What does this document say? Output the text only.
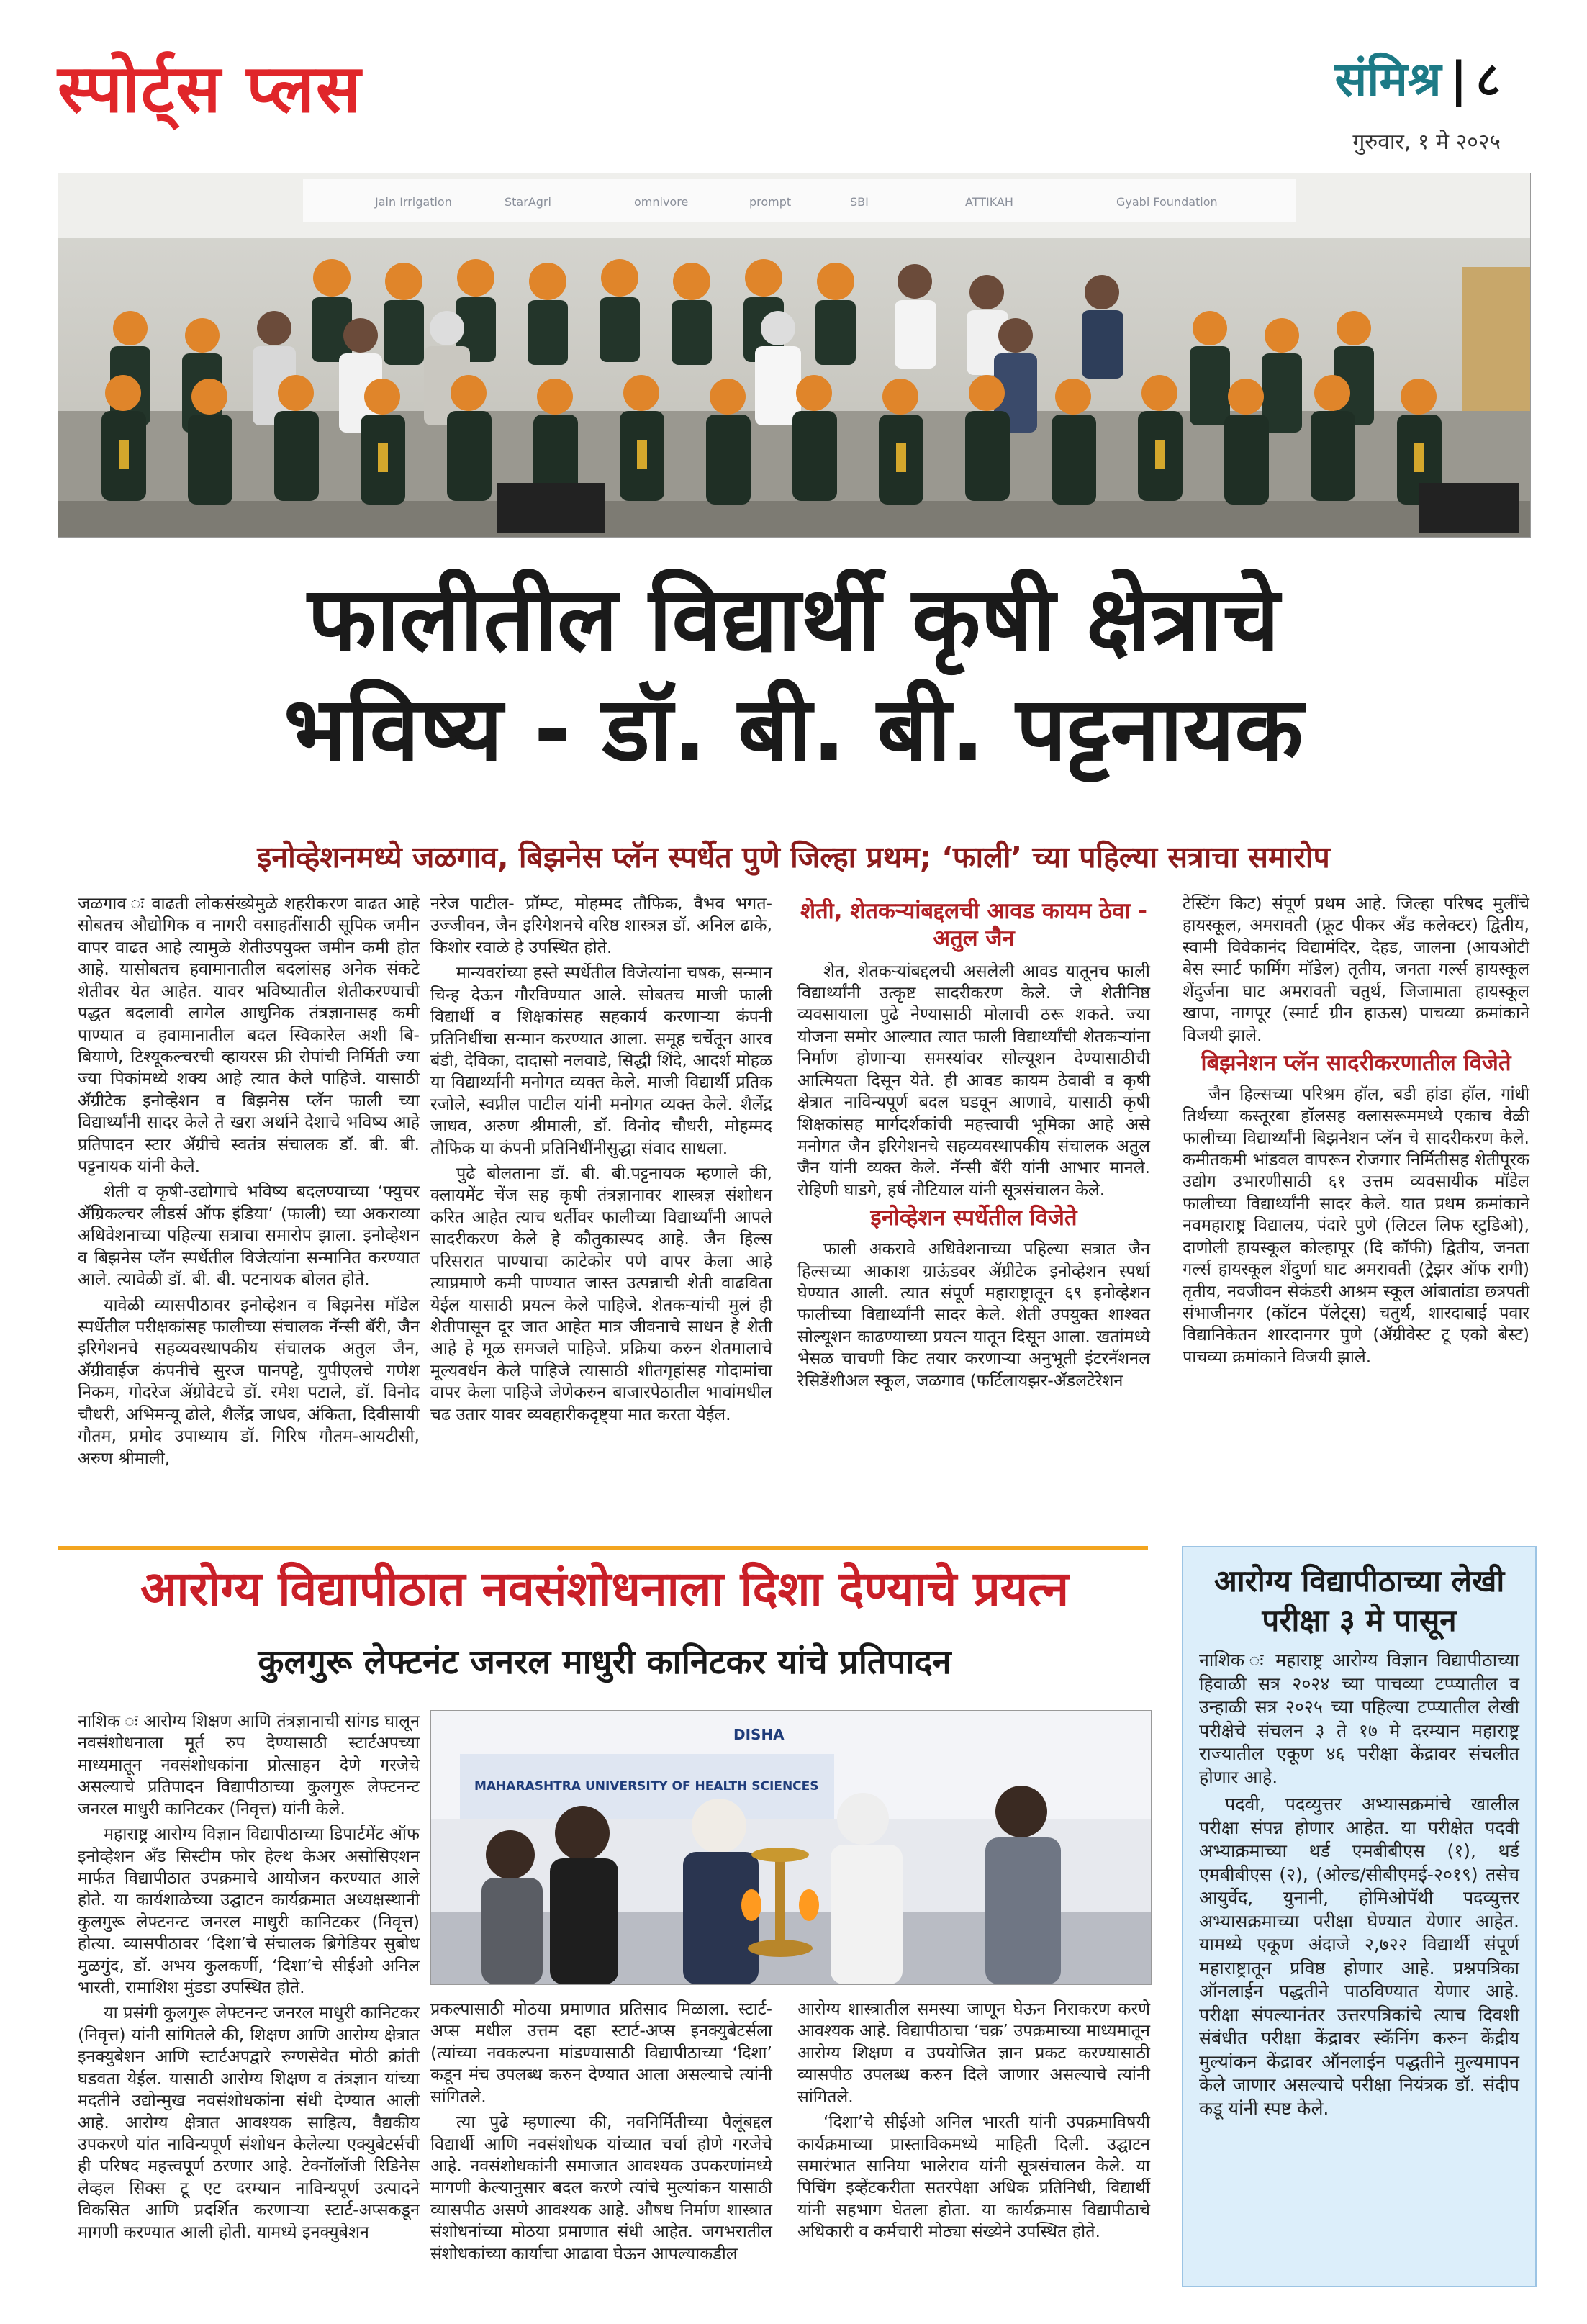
स्पोर्ट्स प्लस	संमिश्र | ८
गुरुवार, १ मे २०२५
Jain Irrigation	StarAgri	omnivore	prompt	SBI	ATTIKAH	Gyabi Foundation
फालीतील विद्यार्थी कृषी क्षेत्राचे
भविष्य - डॉ. बी. बी. पट्टनायक
इनोव्हेशनमध्ये जळगाव, बिझनेस प्लॅन स्पर्धेत पुणे जिल्हा प्रथम; ‘फाली’ च्या पहिल्या सत्राचा समारोप

जळगाव ः वाढती लोकसंख्येमुळे शहरीकरण वाढत आहे सोबतच औद्योगिक व नागरी वसाहतींसाठी सूपिक जमीन वापर वाढत आहे त्यामुळे शेतीउपयुक्त जमीन कमी होत आहे. यासोबतच हवामानातील बदलांसह अनेक संकटे शेतीवर येत आहेत. यावर भविष्यातील शेतीकरण्याची पद्धत बदलावी लागेल आधुनिक तंत्रज्ञानासह कमी पाण्यात व हवामानातील बदल स्विकारेल अशी बि-बियाणे, टिश्यूकल्चरची व्हायरस फ्री रोपांची निर्मिती ज्या ज्या पिकांमध्ये शक्य आहे त्यात केले पाहिजे. यासाठी ॲग्रीटेक इनोव्हेशन व बिझनेस प्लॅन फाली च्या विद्यार्थ्यांनी सादर केले ते खरा अर्थाने देशाचे भविष्य आहे प्रतिपादन स्टार ॲग्रीचे स्वतंत्र संचालक डॉ. बी. बी. पट्टनायक यांनी केले.

शेती व कृषी-उद्योगाचे भविष्य बदलण्याच्या ‘फ्युचर ॲग्रिकल्चर लीडर्स ऑफ इंडिया’ (फाली) च्या अकराव्या अधिवेशनाच्या पहिल्या सत्राचा समारोप झाला. इनोव्हेशन व बिझनेस प्लॅन स्पर्धेतील विजेत्यांना सन्मानित करण्यात आले. त्यावेळी डॉ. बी. बी. पटनायक बोलत होते.

यावेळी व्यासपीठावर इनोव्हेशन व बिझनेस मॉडेल स्पर्धेतील परीक्षकांसह फालीच्या संचालक नॅन्सी बॅरी, जैन इरिगेशनचे सहव्यवस्थापकीय संचालक अतुल जैन, ॲग्रीवाईज कंपनीचे सुरज पानपट्टे, युपीएलचे गणेश निकम, गोदरेज ॲग्रोवेटचे डॉ. रमेश पटाले, डॉ. विनोद चौधरी, अभिमन्यू ढोले, शैलेंद्र जाधव, अंकिता, दिवीसायी गौतम, प्रमोद उपाध्याय डॉ. गिरिष गौतम-आयटीसी, अरुण श्रीमाली,

नरेज पाटील- प्रॉम्प्ट, मोहम्मद तौफिक, वैभव भगत- उज्जीवन, जैन इरिगेशनचे वरिष्ठ शास्त्रज्ञ डॉ. अनिल ढाके, किशोर रवाळे हे उपस्थित होते.

मान्यवरांच्या हस्ते स्पर्धेतील विजेत्यांना चषक, सन्मान चिन्ह देऊन गौरविण्यात आले. सोबतच माजी फाली विद्यार्थी व शिक्षकांसह सहकार्य करणाऱ्या कंपनी प्रतिनिधींचा सन्मान करण्यात आला. समूह चर्चेतून आरव बंडी, देविका, दादासो नलवाडे, सिद्धी शिंदे, आदर्श मोहळ या विद्यार्थ्यांनी मनोगत व्यक्त केले. माजी विद्यार्थी प्रतिक रजोले, स्वप्नील पाटील यांनी मनोगत व्यक्त केले. शैलेंद्र जाधव, अरुण श्रीमाली, डॉ. विनोद चौधरी, मोहम्मद तौफिक या कंपनी प्रतिनिधींनीसुद्धा संवाद साधला.

पुढे बोलताना डॉ. बी. बी.पट्टनायक म्हणाले की, क्लायमेंट चेंज सह कृषी तंत्रज्ञानावर शास्त्रज्ञ संशोधन करित आहेत त्याच धर्तीवर फालीच्या विद्यार्थ्यांनी आपले सादरीकरण केले हे कौतुकास्पद आहे. जैन हिल्स परिसरात पाण्याचा काटेकोर पणे वापर केला आहे त्याप्रमाणे कमी पाण्यात जास्त उत्पन्नाची शेती वाढविता येईल यासाठी प्रयत्न केले पाहिजे. शेतकऱ्यांची मुलं ही शेतीपासून दूर जात आहेत मात्र जीवनाचे साधन हे शेती आहे हे मूळ समजले पाहिजे. प्रक्रिया करुन शेतमालाचे मूल्यवर्धन केले पाहिजे त्यासाठी शीतगृहांसह गोदामांचा वापर केला पाहिजे जेणेकरुन बाजारपेठातील भावांमधील चढ उतार यावर व्यवहारीकदृष्ट्या मात करता येईल.

शेती, शेतकऱ्यांबद्दलची आवड कायम ठेवा - अतुल जैन

शेत, शेतकऱ्यांबद्दलची असलेली आवड यातूनच फाली विद्यार्थ्यांनी उत्कृष्ट सादरीकरण केले. जे शेतीनिष्ठ व्यवसायाला पुढे नेण्यासाठी मोलाची ठरू शकते. ज्या योजना समोर आल्यात त्यात फाली विद्यार्थ्यांची शेतकऱ्यांना निर्माण होणाऱ्या समस्यांवर सोल्यूशन देण्यासाठीची आत्मियता दिसून येते. ही आवड कायम ठेवावी व कृषी क्षेत्रात नाविन्यपूर्ण बदल घडवून आणावे, यासाठी कृषी शिक्षकांसह मार्गदर्शकांची महत्त्वाची भूमिका आहे असे मनोगत जैन इरिगेशनचे सहव्यवस्थापकीय संचालक अतुल जैन यांनी व्यक्त केले. नॅन्सी बॅरी यांनी आभार मानले. रोहिणी घाडगे, हर्ष नौटियाल यांनी सूत्रसंचालन केले.

इनोव्हेशन स्पर्धेतील विजेते

फाली अकरावे अधिवेशनाच्या पहिल्या सत्रात जैन हिल्सच्या आकाश ग्राऊंडवर ॲग्रीटेक इनोव्हेशन स्पर्धा घेण्यात आली. त्यात संपूर्ण महाराष्ट्रातून ६९ इनोव्हेशन फालीच्या विद्यार्थ्यांनी सादर केले. शेती उपयुक्त शाश्वत सोल्यूशन काढण्याच्या प्रयत्न यातून दिसून आला. खतांमध्ये भेसळ चाचणी किट तयार करणाऱ्या अनुभूती इंटरनॅशनल रेसिडेंशीअल स्कूल, जळगाव (फर्टिलायझर-ॲडलटेरेशन

टेस्टिंग किट) संपूर्ण प्रथम आहे. जिल्हा परिषद मुलींचे हायस्कूल, अमरावती (फ्रूट पीकर अँड कलेक्टर) द्वितीय, स्वामी विवेकानंद विद्यामंदिर, देहड, जालना (आयओटी बेस स्मार्ट फार्मिंग मॉडेल) तृतीय, जनता गर्ल्स हायस्कूल शेंदुर्जना घाट अमरावती चतुर्थ, जिजामाता हायस्कूल खापा, नागपूर (स्मार्ट ग्रीन हाऊस) पाचव्या क्रमांकाने विजयी झाले.

बिझनेशन प्लॅन सादरीकरणातील विजेते

जैन हिल्सच्या परिश्रम हॉल, बडी हांडा हॉल, गांधी तिर्थच्या कस्तूरबा हॉलसह क्लासरूममध्ये एकाच वेळी फालीच्या विद्यार्थ्यांनी बिझनेशन प्लॅन चे सादरीकरण केले. कमीतकमी भांडवल वापरून रोजगार निर्मितीसह शेतीपूरक उद्योग उभारणीसाठी ६१ उत्तम व्यवसायीक मॉडेल फालीच्या विद्यार्थ्यांनी सादर केले. यात प्रथम क्रमांकाने नवमहाराष्ट्र विद्यालय, पंदारे पुणे (लिटल लिफ स्टुडिओ), दाणोली हायस्कूल कोल्हापूर (दि कॉफी) द्वितीय, जनता गर्ल्स हायस्कूल शेंदुर्णा घाट अमरावती (ट्रेझर ऑफ रागी) तृतीय, नवजीवन सेकंडरी आश्रम स्कूल आंबातांडा छत्रपती संभाजीनगर (कॉटन पॅलेट्स) चतुर्थ, शारदाबाई पवार विद्यानिकेतन शारदानगर पुणे (ॲग्रीवेस्ट टू एको बेस्ट) पाचव्या क्रमांकाने विजयी झाले.

आरोग्य विद्यापीठात नवसंशोधनाला दिशा देण्याचे प्रयत्न
कुलगुरू लेफ्टनंट जनरल माधुरी कानिटकर यांचे प्रतिपादन

नाशिक ः आरोग्य शिक्षण आणि तंत्रज्ञानाची सांगड घालून नवसंशोधनाला मूर्त रुप देण्यासाठी स्टार्टअपच्या माध्यमातून नवसंशोधकांना प्रोत्साहन देणे गरजेचे असल्याचे प्रतिपादन विद्यापीठाच्या कुलगुरू लेफ्टनन्ट जनरल माधुरी कानिटकर (निवृत्त) यांनी केले.

महाराष्ट्र आरोग्य विज्ञान विद्यापीठाच्या डिपार्टमेंट ऑफ इनोव्हेशन अँड सिस्टीम फोर हेल्थ केअर असोसिएशन मार्फत विद्यापीठात उपक्रमाचे आयोजन करण्यात आले होते. या कार्यशाळेच्या उद्घाटन कार्यक्रमात अध्यक्षस्थानी कुलगुरू लेफ्टनन्ट जनरल माधुरी कानिटकर (निवृत्त) होत्या. व्यासपीठावर ‘दिशा’चे संचालक ब्रिगेडियर सुबोध मुळगुंद, डॉ. अभय कुलकर्णी, ‘दिशा’चे सीईओ अनिल भारती, रामाशिश मुंडडा उपस्थित होते.

या प्रसंगी कुलगुरू लेफ्टनन्ट जनरल माधुरी कानिटकर (निवृत्त) यांनी सांगितले की, शिक्षण आणि आरोग्य क्षेत्रात इनक्युबेशन आणि स्टार्टअपद्वारे रुग्णसेवेत मोठी क्रांती घडवता येईल. यासाठी आरोग्य शिक्षण व तंत्रज्ञान यांच्या मदतीने उद्योन्मुख नवसंशोधकांना संधी देण्यात आली आहे. आरोग्य क्षेत्रात आवश्यक साहित्य, वैद्यकीय उपकरणे यांत नाविन्यपूर्ण संशोधन केलेल्या एक्युबेटर्सची ही परिषद महत्त्वपूर्ण ठरणार आहे. टेक्नॉलॉजी रिडिनेस लेव्हल सिक्स टू एट दरम्यान नाविन्यपूर्ण उत्पादने विकसित आणि प्रदर्शित करणाऱ्या स्टार्ट-अप्सकडून मागणी करण्यात आली होती. यामध्ये इनक्युबेशन

MAHARASHTRA UNIVERSITY OF HEALTH SCIENCES
DISHA

प्रकल्पासाठी मोठया प्रमाणात प्रतिसाद मिळाला. स्टार्ट-अप्स मधील उत्तम दहा स्टार्ट-अप्स इनक्युबेटर्सला (त्यांच्या नवकल्पना मांडण्यासाठी विद्यापीठाच्या ‘दिशा’ कडून मंच उपलब्ध करुन देण्यात आला असल्याचे त्यांनी सांगितले.

त्या पुढे म्हणाल्या की, नवनिर्मितीच्या पैलूंबद्दल विद्यार्थी आणि नवसंशोधक यांच्यात चर्चा होणे गरजेचे आहे. नवसंशोधकांनी समाजात आवश्यक उपकरणांमध्ये मागणी केल्यानुसार बदल करणे त्यांचे मुल्यांकन यासाठी व्यासपीठ असणे आवश्यक आहे. औषध निर्माण शास्त्रात संशोधनांच्या मोठया प्रमाणात संधी आहेत. जगभरातील संशोधकांच्या कार्याचा आढावा घेऊन आपल्याकडील

आरोग्य शास्त्रातील समस्या जाणून घेऊन निराकरण करणे आवश्यक आहे. विद्यापीठाचा ‘चक्र’ उपक्रमाच्या माध्यमातून आरोग्य शिक्षण व उपयोजित ज्ञान प्रकट करण्यासाठी व्यासपीठ उपलब्ध करुन दिले जाणार असल्याचे त्यांनी सांगितले.

‘दिशा’चे सीईओ अनिल भारती यांनी उपक्रमाविषयी कार्यक्रमाच्या प्रास्ताविकमध्ये माहिती दिली. उद्घाटन समारंभात सानिया भालेराव यांनी सूत्रसंचालन केले. या पिचिंग इव्हेंटकरीता सतरपेक्षा अधिक प्रतिनिधी, विद्यार्थी यांनी सहभाग घेतला होता. या कार्यक्रमास विद्यापीठाचे अधिकारी व कर्मचारी मोठ्या संख्येने उपस्थित होते.

आरोग्य विद्यापीठाच्या लेखी परीक्षा ३ मे पासून

नाशिक ः महाराष्ट्र आरोग्य विज्ञान विद्यापीठाच्या हिवाळी सत्र २०२४ च्या पाचव्या टप्प्यातील व उन्हाळी सत्र २०२५ च्या पहिल्या टप्प्यातील लेखी परीक्षेचे संचलन ३ ते १७ मे दरम्यान महाराष्ट्र राज्यातील एकूण ४६ परीक्षा केंद्रावर संचलीत होणार आहे.

पदवी, पदव्युत्तर अभ्यासक्रमांचे खालील परीक्षा संपन्न होणार आहेत. या परीक्षेत पदवी अभ्याक्रमाच्या थर्ड एमबीबीएस (१), थर्ड एमबीबीएस (२), (ओल्ड/सीबीएमई-२०१९) तसेच आयुर्वेद, युनानी, होमिओपॅथी पदव्युत्तर अभ्यासक्रमाच्या परीक्षा घेण्यात येणार आहेत. यामध्ये एकूण अंदाजे २,७२२ विद्यार्थी संपूर्ण महाराष्ट्रातून प्रविष्ठ होणार आहे. प्रश्नपत्रिका ऑनलाईन पद्धतीने पाठविण्यात येणार आहे. परीक्षा संपल्यानंतर उत्तरपत्रिकांचे त्याच दिवशी संबंधीत परीक्षा केंद्रावर स्कॅनिंग करुन केंद्रीय मुल्यांकन केंद्रावर ऑनलाईन पद्धतीने मुल्यमापन केले जाणार असल्याचे परीक्षा नियंत्रक डॉ. संदीप कडू यांनी स्पष्ट केले.
